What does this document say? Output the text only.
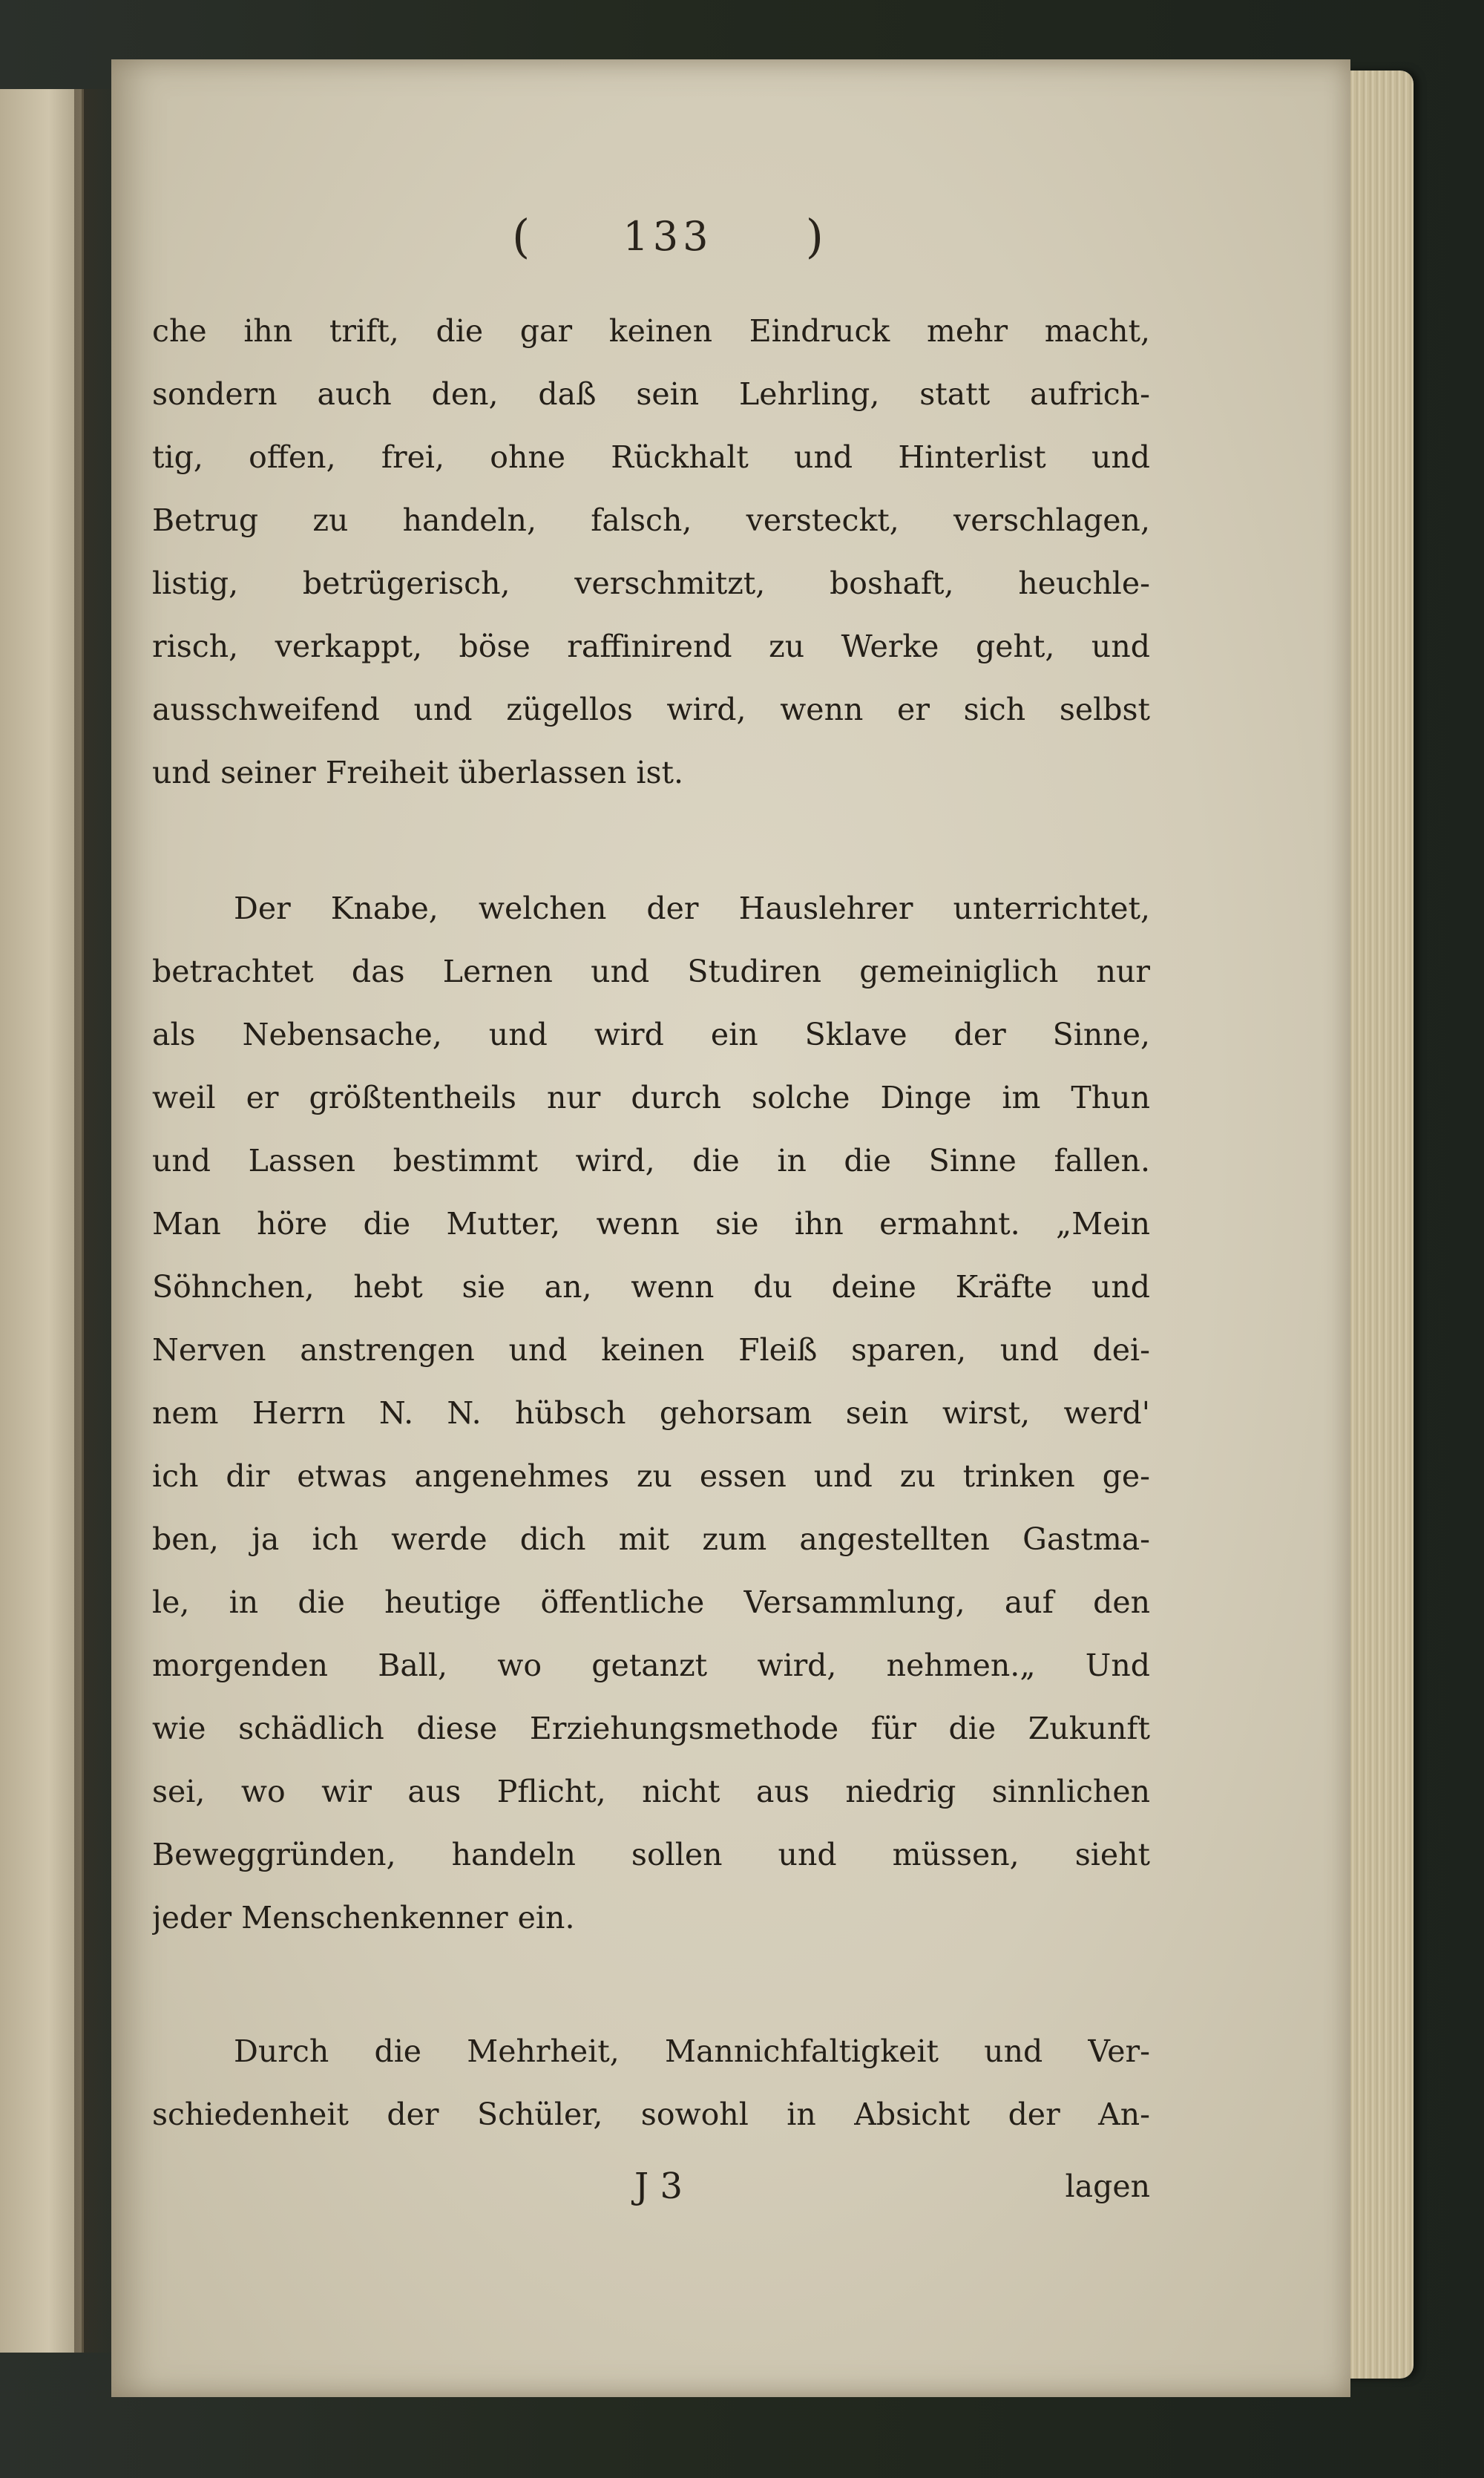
( 133 )
che ihn trift, die gar keinen Eindruck mehr macht,
sondern auch den, daß sein Lehrling, statt aufrich-
tig, offen, frei, ohne Rückhalt und Hinterlist und
Betrug zu handeln, falsch, versteckt, verschlagen,
listig, betrügerisch, verschmitzt, boshaft, heuchle-
risch, verkappt, böse raffinirend zu Werke geht, und
ausschweifend und zügellos wird, wenn er sich selbst
und seiner Freiheit überlassen ist.
Der Knabe, welchen der Hauslehrer unterrichtet,
betrachtet das Lernen und Studiren gemeiniglich nur
als Nebensache, und wird ein Sklave der Sinne,
weil er größtentheils nur durch solche Dinge im Thun
und Lassen bestimmt wird, die in die Sinne fallen.
Man höre die Mutter, wenn sie ihn ermahnt. „Mein
Söhnchen, hebt sie an, wenn du deine Kräfte und
Nerven anstrengen und keinen Fleiß sparen, und dei-
nem Herrn N. N. hübsch gehorsam sein wirst, werd'
ich dir etwas angenehmes zu essen und zu trinken ge-
ben, ja ich werde dich mit zum angestellten Gastma-
le, in die heutige öffentliche Versammlung, auf den
morgenden Ball, wo getanzt wird, nehmen.„ Und
wie schädlich diese Erziehungsmethode für die Zukunft
sei, wo wir aus Pflicht, nicht aus niedrig sinnlichen
Beweggründen, handeln sollen und müssen, sieht
jeder Menschenkenner ein.
Durch die Mehrheit, Mannichfaltigkeit und Ver-
schiedenheit der Schüler, sowohl in Absicht der An-
J 3	lagen
